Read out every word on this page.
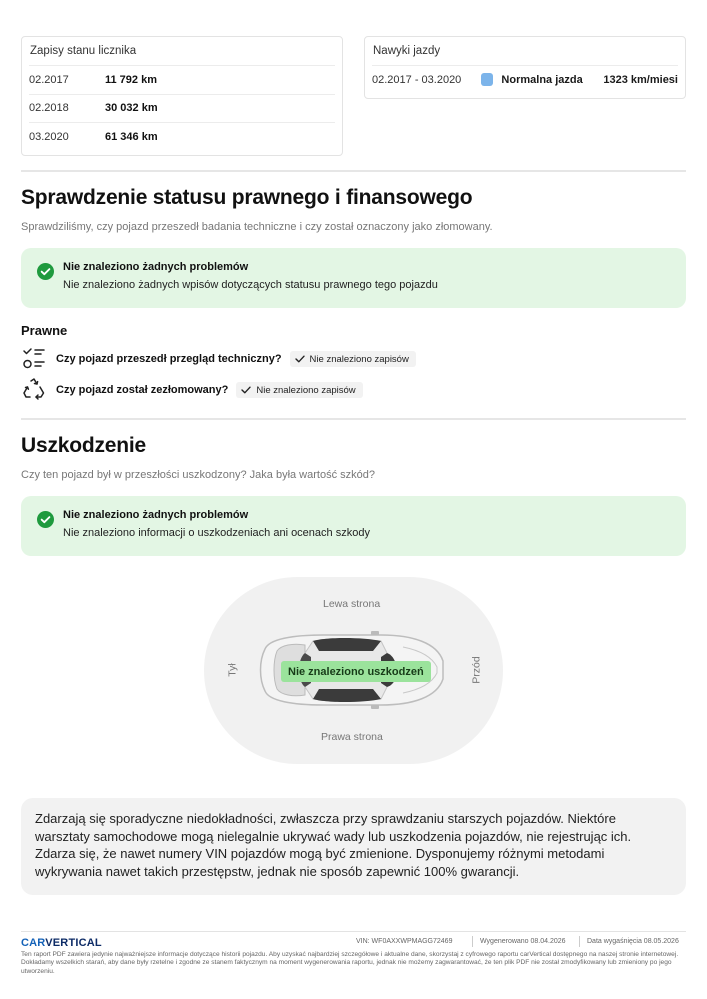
Zapisy stanu licznika
02.2017	11 792 km
02.2018	30 032 km
03.2020	61 346 km
Nawyki jazdy
02.2017 - 03.2020	Normalna jazda	1323 km/miesi
Sprawdzenie statusu prawnego i finansowego
Sprawdziliśmy, czy pojazd przeszedł badania techniczne i czy został oznaczony jako złomowany.
Nie znaleziono żadnych problemów
Nie znaleziono żadnych wpisów dotyczących statusu prawnego tego pojazdu
Prawne
Czy pojazd przeszedł przegląd techniczny?	Nie znaleziono zapisów
Czy pojazd został zezłomowany?	Nie znaleziono zapisów
Uszkodzenie
Czy ten pojazd był w przeszłości uszkodzony? Jaka była wartość szkód?
Nie znaleziono żadnych problemów
Nie znaleziono informacji o uszkodzeniach ani ocenach szkody
Lewa strona
Prawa strona
Tył	Przód
Nie znaleziono uszkodzeń
Zdarzają się sporadyczne niedokładności, zwłaszcza przy sprawdzaniu starszych pojazdów. Niektóre warsztaty samochodowe mogą nielegalnie ukrywać wady lub uszkodzenia pojazdów, nie rejestrując ich. Zdarza się, że nawet numery VIN pojazdów mogą być zmienione. Dysponujemy różnymi metodami wykrywania nawet takich przestępstw, jednak nie sposób zapewnić 100% gwarancji.
CARVERTICAL	VIN: WF0AXXWPMAGG72469	Wygenerowano 08.04.2026	Data wygaśnięcia 08.05.2026
Ten raport PDF zawiera jedynie najważniejsze informacje dotyczące historii pojazdu. Aby uzyskać najbardziej szczegółowe i aktualne dane, skorzystaj z cyfrowego raportu carVertical dostępnego na naszej stronie internetowej. Dokładamy wszelkich starań, aby dane były rzetelne i zgodne ze stanem faktycznym na moment wygenerowania raportu, jednak nie możemy zagwarantować, że ten plik PDF nie został zmodyfikowany lub zmieniony po jego utworzeniu.
